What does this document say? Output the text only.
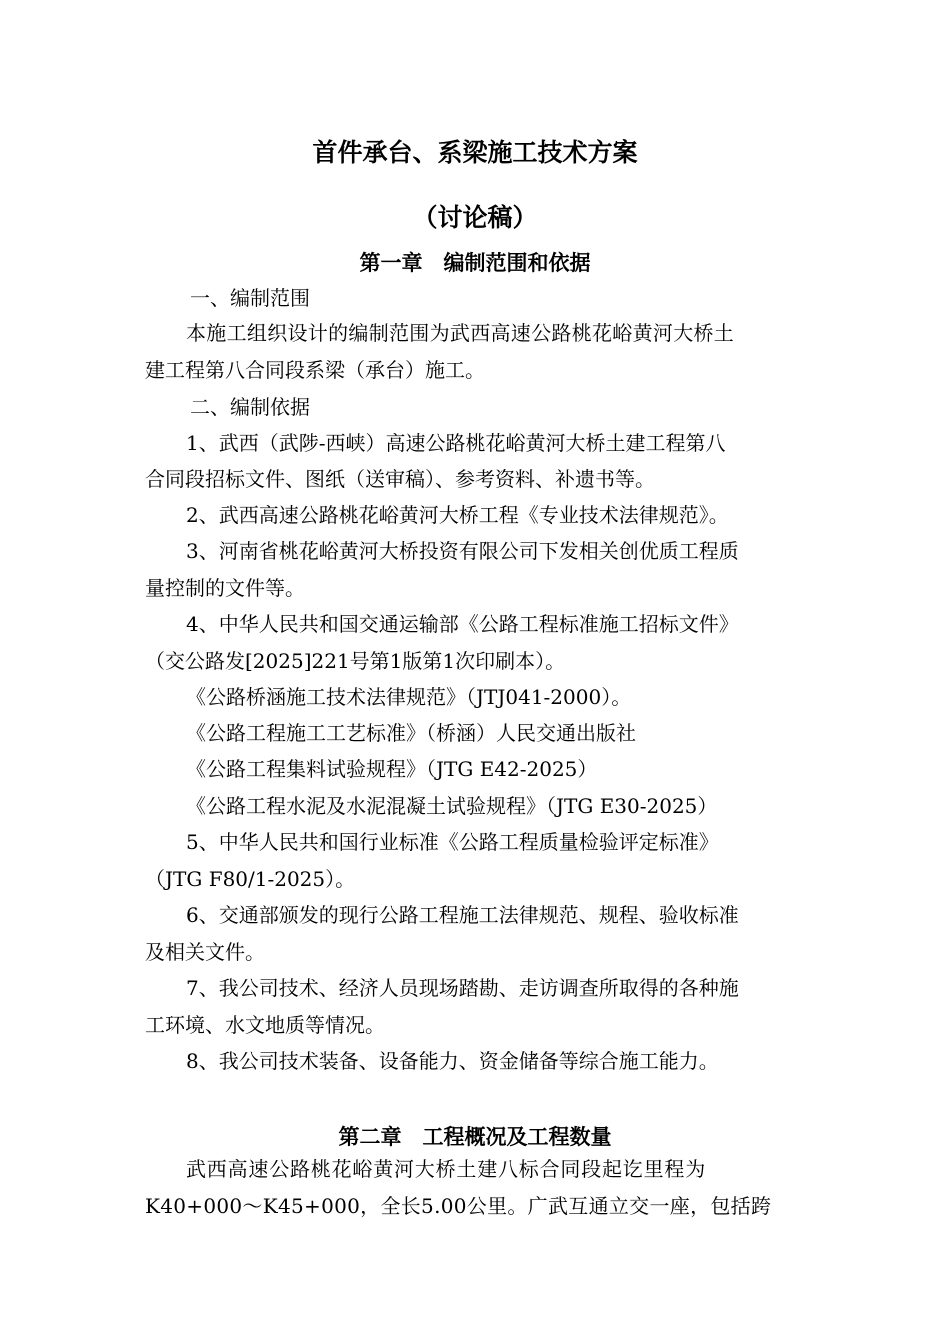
首件承台、系梁施工技术方案
（讨论稿）
第一章　编制范围和依据
一、编制范围
本施工组织设计的编制范围为武西高速公路桃花峪黄河大桥土
建工程第八合同段系梁（承台）施工。
二、编制依据
1、武西（武陟-西峡）高速公路桃花峪黄河大桥土建工程第八
合同段招标文件、图纸（送审稿）、参考资料、补遗书等。
2、武西高速公路桃花峪黄河大桥工程《专业技术法律规范》。
3、河南省桃花峪黄河大桥投资有限公司下发相关创优质工程质
量控制的文件等。
4、中华人民共和国交通运输部《公路工程标准施工招标文件》
（交公路发[2025]221号第1版第1次印刷本）。
《公路桥涵施工技术法律规范》（JTJ041-2000）。
《公路工程施工工艺标准》（桥涵）人民交通出版社
《公路工程集料试验规程》（JTG E42-2025）
《公路工程水泥及水泥混凝土试验规程》（JTG E30-2025）
5、中华人民共和国行业标准《公路工程质量检验评定标准》
（JTG F80/1-2025）。
6、交通部颁发的现行公路工程施工法律规范、规程、验收标准
及相关文件。
7、我公司技术、经济人员现场踏勘、走访调查所取得的各种施
工环境、水文地质等情况。
8、我公司技术装备、设备能力、资金储备等综合施工能力。
第二章　工程概况及工程数量
武西高速公路桃花峪黄河大桥土建八标合同段起讫里程为
K40+000～K45+000，全长5.00公里。广武互通立交一座，包括跨
